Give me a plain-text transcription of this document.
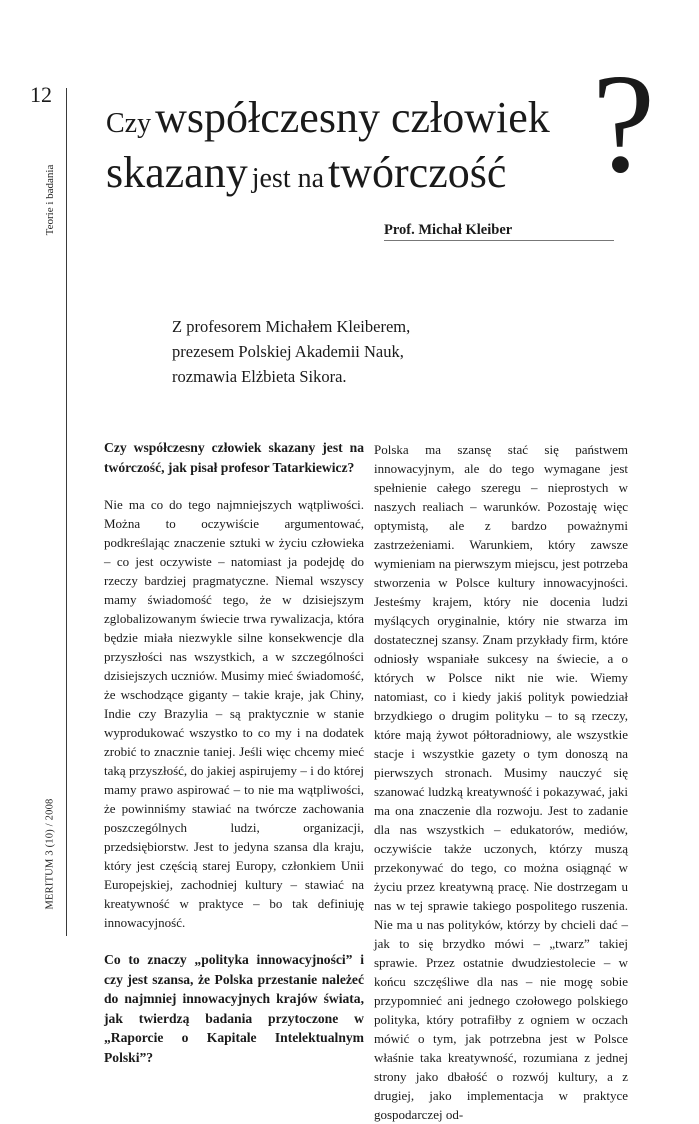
12
Teorie i badania
MERITUM 3 (10) / 2008
Czy współczesny człowiek
skazany jest na twórczość ?
Prof. Michał Kleiber
Z profesorem Michałem Kleiberem,
prezesem Polskiej Akademii Nauk,
rozmawia Elżbieta Sikora.

Czy współczesny człowiek skazany jest na twórczość, jak pisał profesor Tatarkiewicz?

Nie ma co do tego najmniejszych wątpliwości. Można to oczywiście argumentować, podkreślając znaczenie sztuki w życiu człowieka – co jest oczywiste – natomiast ja podejdę do rzeczy bardziej pragmatyczne. Niemal wszyscy mamy świadomość tego, że w dzisiejszym zglobalizowanym świecie trwa rywalizacja, która będzie miała niezwykle silne konsekwencje dla przyszłości nas wszystkich, a w szczególności dzisiejszych uczniów. Musimy mieć świadomość, że wschodzące giganty – takie kraje, jak Chiny, Indie czy Brazylia – są praktycznie w stanie wyprodukować wszystko to co my i na dodatek zrobić to znacznie taniej. Jeśli więc chcemy mieć taką przyszłość, do jakiej aspirujemy – i do której mamy prawo aspirować – to nie ma wątpliwości, że powinniśmy stawiać na twórcze zachowania poszczególnych ludzi, organizacji, przedsiębiorstw. Jest to jedyna szansa dla kraju, który jest częścią starej Europy, członkiem Unii Europejskiej, zachodniej kultury – stawiać na kreatywność w praktyce – bo tak definiuję innowacyjność.

Co to znaczy „polityka innowacyjności” i czy jest szansa, że Polska przestanie należeć do najmniej innowacyjnych krajów świata, jak twierdzą badania przytoczone w „Raporcie o Kapitale Intelektualnym Polski”?

Polska ma szansę stać się państwem innowacyjnym, ale do tego wymagane jest spełnienie całego szeregu – nieprostych w naszych realiach – warunków. Pozostaję więc optymistą, ale z bardzo poważnymi zastrzeżeniami. Warunkiem, który zawsze wymieniam na pierwszym miejscu, jest potrzeba stworzenia w Polsce kultury innowacyjności. Jesteśmy krajem, który nie docenia ludzi myślących oryginalnie, który nie stwarza im dostatecznej szansy. Znam przykłady firm, które odniosły wspaniałe sukcesy na świecie, a o których w Polsce nikt nie wie. Wiemy natomiast, co i kiedy jakiś polityk powiedział brzydkiego o drugim polityku – to są rzeczy, które mają żywot półtoradniowy, ale wszystkie stacje i wszystkie gazety o tym donoszą na pierwszych stronach. Musimy nauczyć się szanować ludzką kreatywność i pokazywać, jaki ma ona znaczenie dla rozwoju. Jest to zadanie dla nas wszystkich – edukatorów, mediów, oczywiście także uczonych, którzy muszą przekonywać do tego, co można osiągnąć w życiu przez kreatywną pracę. Nie dostrzegam u nas w tej sprawie takiego pospolitego ruszenia. Nie ma u nas polityków, którzy by chcieli dać – jak to się brzydko mówi – „twarz” takiej sprawie. Przez ostatnie dwudziestolecie – w końcu szczęśliwe dla nas – nie mogę sobie przypomnieć ani jednego czołowego polskiego polityka, który potrafiłby z ogniem w oczach mówić o tym, jak potrzebna jest w Polsce właśnie taka kreatywność, rozumiana z jednej strony jako dbałość o rozwój kultury, a z drugiej, jako implementacja w praktyce gospodarczej od-
